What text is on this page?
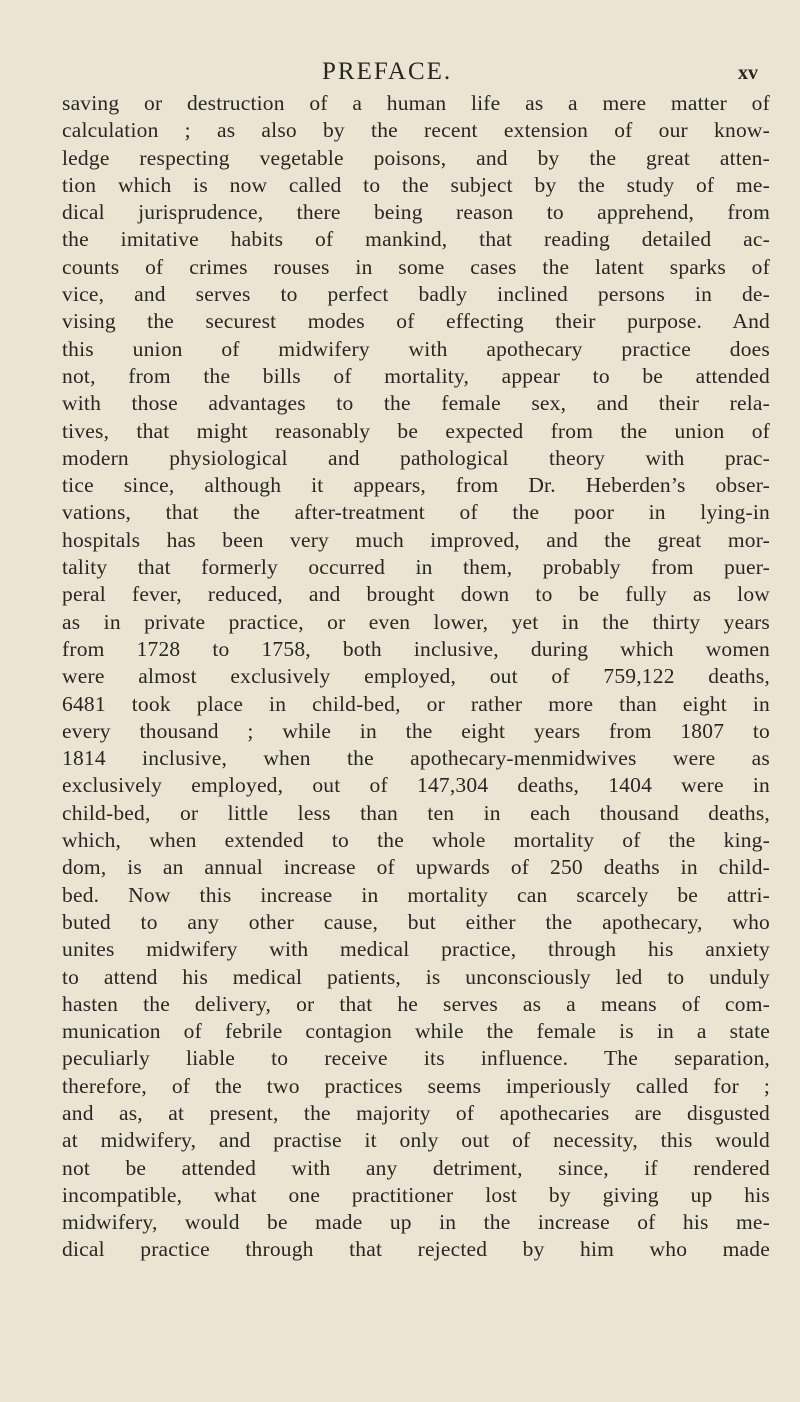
PREFACE.	xv
saving or destruction of a human life as a mere matter of
calculation ; as also by the recent extension of our know-
ledge respecting vegetable poisons, and by the great atten-
tion which is now called to the subject by the study of me-
dical jurisprudence, there being reason to apprehend, from
the imitative habits of mankind, that reading detailed ac-
counts of crimes rouses in some cases the latent sparks of
vice, and serves to perfect badly inclined persons in de-
vising the securest modes of effecting their purpose. And
this union of midwifery with apothecary practice does
not, from the bills of mortality, appear to be attended
with those advantages to the female sex, and their rela-
tives, that might reasonably be expected from the union of
modern physiological and pathological theory with prac-
tice since, although it appears, from Dr. Heberden’s obser-
vations, that the after-treatment of the poor in lying-in
hospitals has been very much improved, and the great mor-
tality that formerly occurred in them, probably from puer-
peral fever, reduced, and brought down to be fully as low
as in private practice, or even lower, yet in the thirty years
from 1728 to 1758, both inclusive, during which women
were almost exclusively employed, out of 759,122 deaths,
6481 took place in child-bed, or rather more than eight in
every thousand ; while in the eight years from 1807 to
1814 inclusive, when the apothecary-menmidwives were as
exclusively employed, out of 147,304 deaths, 1404 were in
child-bed, or little less than ten in each thousand deaths,
which, when extended to the whole mortality of the king-
dom, is an annual increase of upwards of 250 deaths in child-
bed. Now this increase in mortality can scarcely be attri-
buted to any other cause, but either the apothecary, who
unites midwifery with medical practice, through his anxiety
to attend his medical patients, is unconsciously led to unduly
hasten the delivery, or that he serves as a means of com-
munication of febrile contagion while the female is in a state
peculiarly liable to receive its influence. The separation,
therefore, of the two practices seems imperiously called for ;
and as, at present, the majority of apothecaries are disgusted
at midwifery, and practise it only out of necessity, this would
not be attended with any detriment, since, if rendered
incompatible, what one practitioner lost by giving up his
midwifery, would be made up in the increase of his me-
dical practice through that rejected by him who made
